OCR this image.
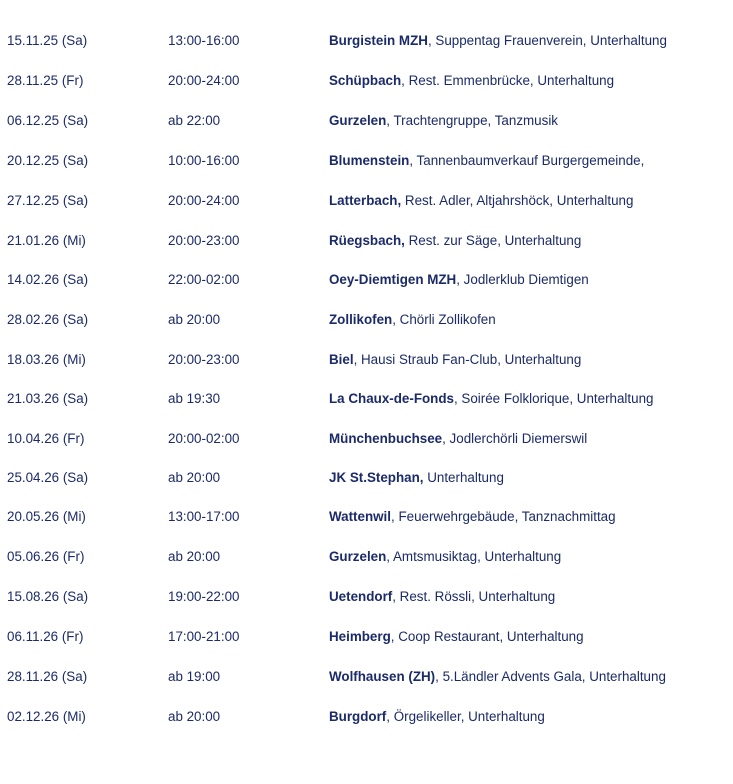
15.11.25 (Sa)	13:00-16:00	Burgistein MZH, Suppentag Frauenverein, Unterhaltung
28.11.25 (Fr)	20:00-24:00	Schüpbach, Rest. Emmenbrücke, Unterhaltung
06.12.25 (Sa)	ab 22:00	Gurzelen, Trachtengruppe, Tanzmusik
20.12.25 (Sa)	10:00-16:00	Blumenstein, Tannenbaumverkauf Burgergemeinde,
27.12.25 (Sa)	20:00-24:00	Latterbach, Rest. Adler, Altjahrshöck, Unterhaltung
21.01.26 (Mi)	20:00-23:00	Rüegsbach, Rest. zur Säge, Unterhaltung
14.02.26 (Sa)	22:00-02:00	Oey-Diemtigen MZH, Jodlerklub Diemtigen
28.02.26 (Sa)	ab 20:00	Zollikofen, Chörli Zollikofen
18.03.26 (Mi)	20:00-23:00	Biel, Hausi Straub Fan-Club, Unterhaltung
21.03.26 (Sa)	ab 19:30	La Chaux-de-Fonds, Soirée Folklorique, Unterhaltung
10.04.26 (Fr)	20:00-02:00	Münchenbuchsee, Jodlerchörli Diemerswil
25.04.26 (Sa)	ab 20:00	JK St.Stephan, Unterhaltung
20.05.26 (Mi)	13:00-17:00	Wattenwil, Feuerwehrgebäude, Tanznachmittag
05.06.26 (Fr)	ab 20:00	Gurzelen, Amtsmusiktag, Unterhaltung
15.08.26 (Sa)	19:00-22:00	Uetendorf, Rest. Rössli, Unterhaltung
06.11.26 (Fr)	17:00-21:00	Heimberg, Coop Restaurant, Unterhaltung
28.11.26 (Sa)	ab 19:00	Wolfhausen (ZH), 5.Ländler Advents Gala, Unterhaltung
02.12.26 (Mi)	ab 20:00	Burgdorf, Örgelikeller, Unterhaltung
